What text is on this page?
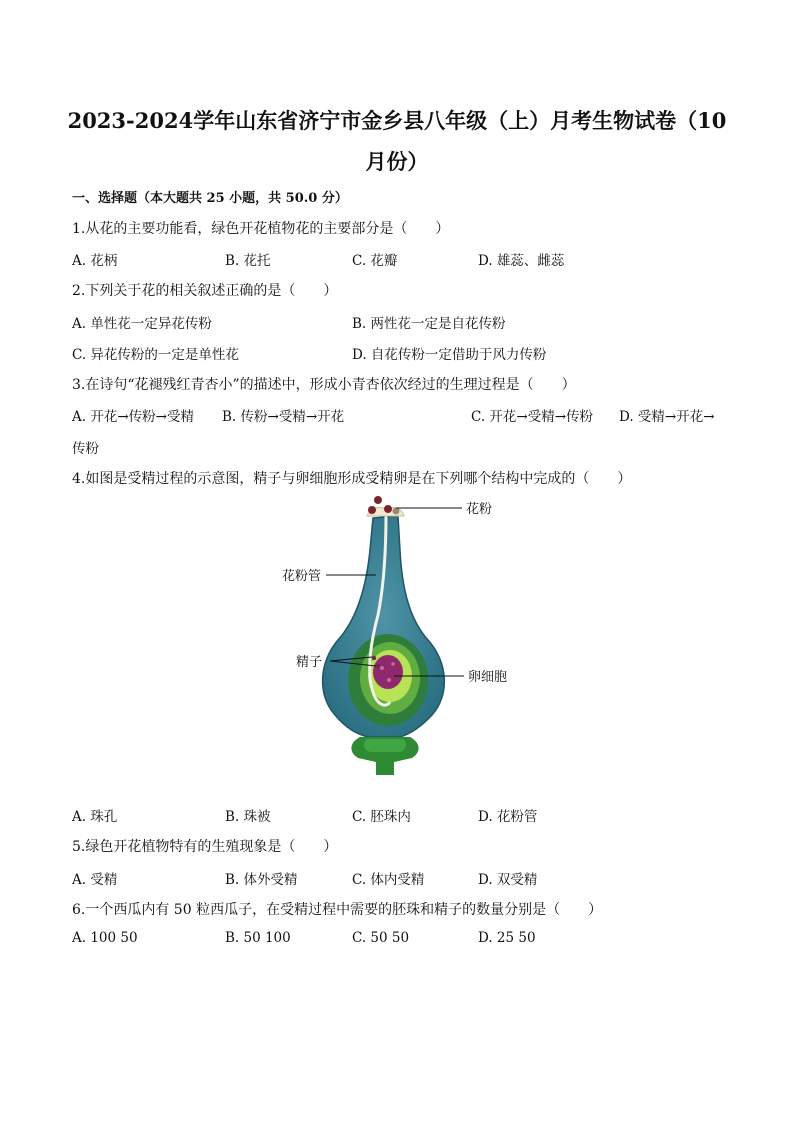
2023-2024学年山东省济宁市金乡县八年级（上）月考生物试卷（10月份）
一、选择题（本大题共 25 小题，共 50.0 分）
1.从花的主要功能看，绿色开花植物花的主要部分是（　　）
A. 花柄	B. 花托	C. 花瓣	D. 雄蕊、雌蕊
2.下列关于花的相关叙述正确的是（　　）
A. 单性花一定异花传粉	B. 两性花一定是自花传粉
C. 异花传粉的一定是单性花	D. 自花传粉一定借助于风力传粉
3.在诗句“花褪残红青杏小”的描述中，形成小青杏依次经过的生理过程是（　　）
A. 开花→传粉→受精 B. 传粉→受精→开花	C. 开花→受精→传粉 D. 受精→开花→
传粉
4.如图是受精过程的示意图，精子与卵细胞形成受精卵是在下列哪个结构中完成的（　　）
花粉
花粉管
精子
卵细胞
A. 珠孔	B. 珠被	C. 胚珠内	D. 花粉管
5.绿色开花植物特有的生殖现象是（　　）
A. 受精	B. 体外受精	C. 体内受精	D. 双受精
6.一个西瓜内有 50 粒西瓜子，在受精过程中需要的胚珠和精子的数量分别是（　　）
A. 100 50	B. 50 100	C. 50 50	D. 25 50
